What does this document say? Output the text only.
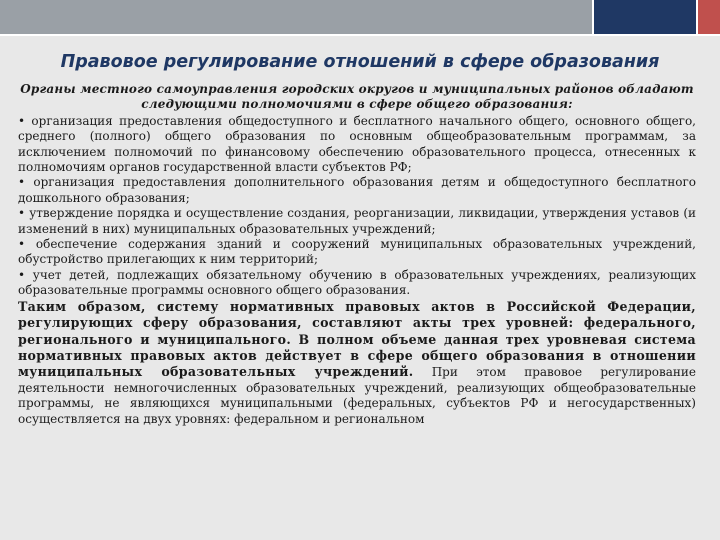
Правовое регулирование отношений в сфере образования

Органы местного самоуправления городских округов и муниципальных районов обладают следующими полномочиями в сфере общего образования:

• организация предоставления общедоступного и бесплатного начального общего, основного общего, среднего (полного) общего образования по основным общеобразовательным программам, за исключением полномочий по финансовому обеспечению образовательного процесса, отнесенных к полномочиям органов государственной власти субъектов РФ;

• организация предоставления дополнительного образования детям и общедоступного бесплатного дошкольного образования;

• утверждение порядка и осуществление создания, реорганизации, ликвидации, утверждения уставов (и изменений в них) муниципальных образовательных учреждений;

• обеспечение содержания зданий и сооружений муниципальных образовательных учреждений, обустройство прилегающих к ним территорий;

• учет детей, подлежащих обязательному обучению в образовательных учреждениях, реализующих образовательные программы основного общего образования.

Таким образом, систему нормативных правовых актов в Российской Федерации, регулирующих сферу образования, составляют акты трех уровней: федерального, регионального и муниципального. В полном объеме данная трех уровневая система нормативных правовых актов действует в сфере общего образования в отношении муниципальных образовательных учреждений. При этом правовое регулирование деятельности немногочисленных образовательных учреждений, реализующих общеобразовательные программы, не являющихся муниципальными (федеральных, субъектов РФ и негосударственных) осуществляется на двух уровнях: федеральном и региональном
